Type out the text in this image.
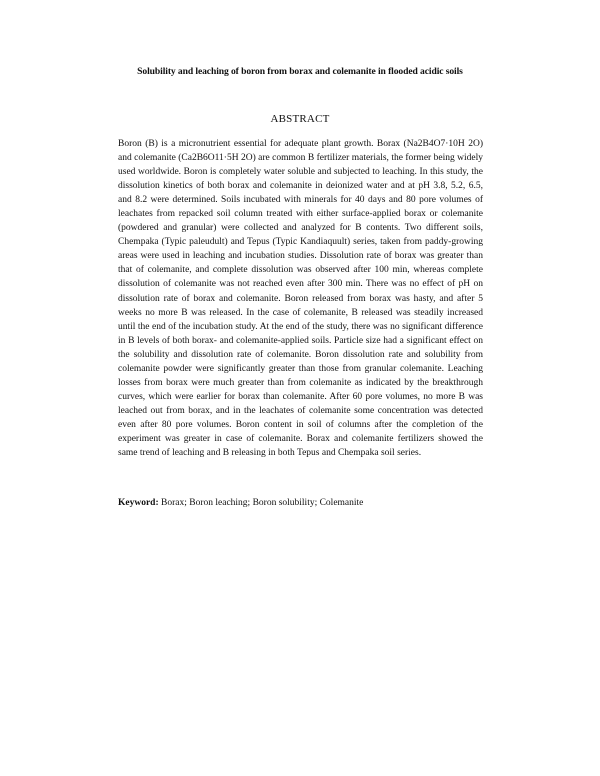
Solubility and leaching of boron from borax and colemanite in flooded acidic soils
ABSTRACT

Boron (B) is a micronutrient essential for adequate plant growth. Borax (Na2B4O7·10H 2O) and colemanite (Ca2B6O11·5H 2O) are common B fertilizer materials, the former being widely used worldwide. Boron is completely water soluble and subjected to leaching. In this study, the dissolution kinetics of both borax and colemanite in deionized water and at pH 3.8, 5.2, 6.5, and 8.2 were determined. Soils incubated with minerals for 40 days and 80 pore volumes of leachates from repacked soil column treated with either surface-applied borax or colemanite (powdered and granular) were collected and analyzed for B contents. Two different soils, Chempaka (Typic paleudult) and Tepus (Typic Kandiaquult) series, taken from paddy-growing areas were used in leaching and incubation studies. Dissolution rate of borax was greater than that of colemanite, and complete dissolution was observed after 100 min, whereas complete dissolution of colemanite was not reached even after 300 min. There was no effect of pH on dissolution rate of borax and colemanite. Boron released from borax was hasty, and after 5 weeks no more B was released. In the case of colemanite, B released was steadily increased until the end of the incubation study. At the end of the study, there was no significant difference in B levels of both borax- and colemanite-applied soils. Particle size had a significant effect on the solubility and dissolution rate of colemanite. Boron dissolution rate and solubility from colemanite powder were significantly greater than those from granular colemanite. Leaching losses from borax were much greater than from colemanite as indicated by the breakthrough curves, which were earlier for borax than colemanite. After 60 pore volumes, no more B was leached out from borax, and in the leachates of colemanite some concentration was detected even after 80 pore volumes. Boron content in soil of columns after the completion of the experiment was greater in case of colemanite. Borax and colemanite fertilizers showed the same trend of leaching and B releasing in both Tepus and Chempaka soil series.

Keyword: Borax; Boron leaching; Boron solubility; Colemanite
